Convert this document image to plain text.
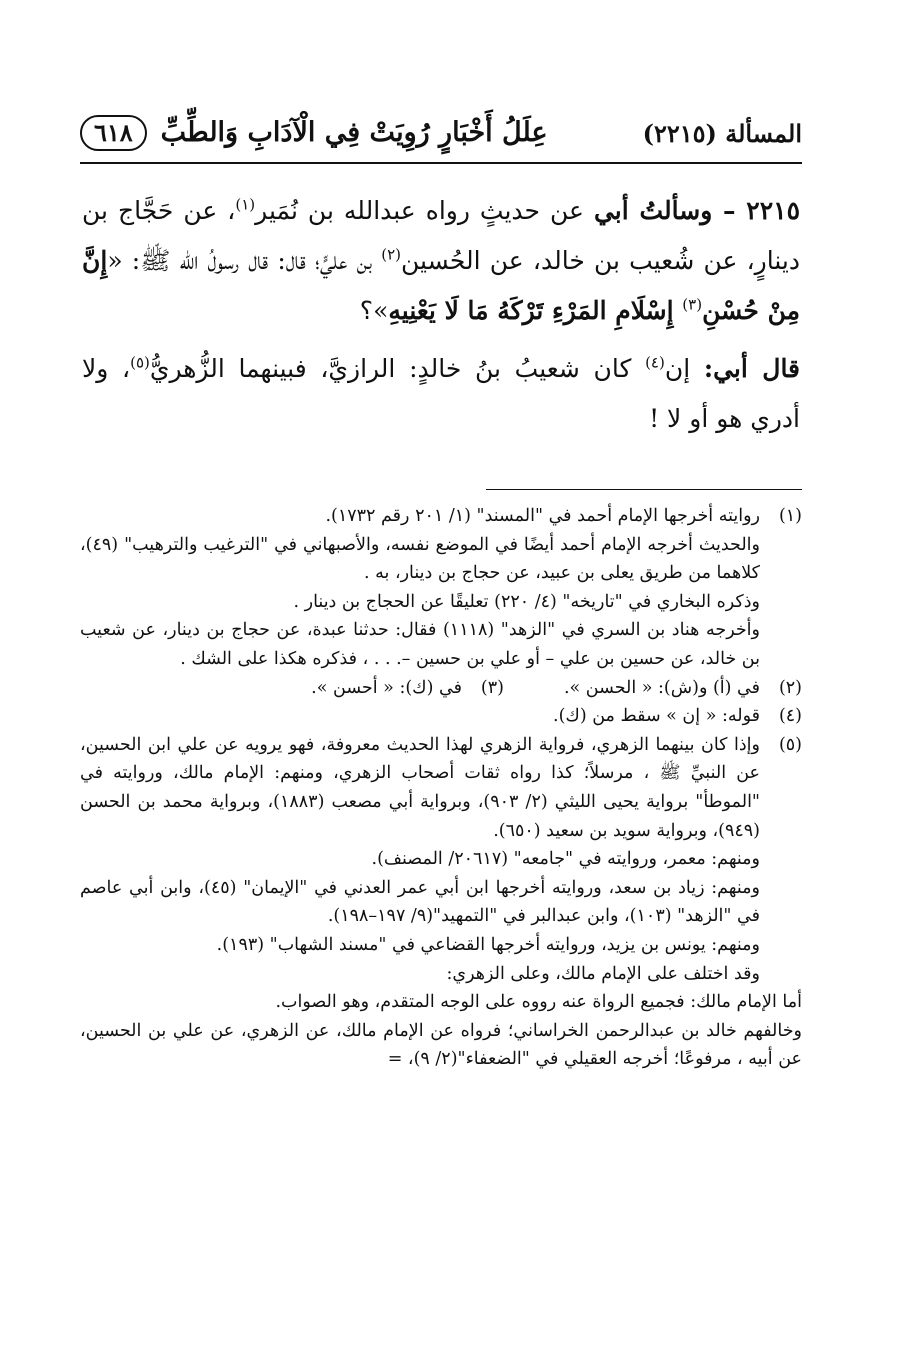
المسألة (٢٢١٥)
عِلَلُ أَخْبَارٍ رُوِيَتْ فِي الْآدَابِ وَالطِّبِّ
٦١٨

٢٢١٥ – وسألتُ أبي عن حديثٍ رواه عبدالله بن نُمَير$^{(١)}$، عن حَجَّاج بن دينارٍ، عن شُعيب بن خالد، عن الحُسين$^{(٢)}$ بن عليٍّ؛ قال: قال رسولُ الله ﷺ: «إِنَّ مِنْ حُسْنِ$^{(٣)}$ إِسْلَامِ المَرْءِ تَرْكَهُ مَا لَا يَعْنِيهِ»؟

قال أبي: إن$^{(٤)}$ كان شعيبُ بنُ خالدٍ: الرازيَّ، فبينهما الزُّهريُّ$^{(٥)}$، ولا أدري هو أو لا !

(١)
روايته أخرجها الإمام أحمد في "المسند" (١/ ٢٠١ رقم ١٧٣٢).
والحديث أخرجه الإمام أحمد أيضًا في الموضع نفسه، والأصبهاني في "الترغيب والترهيب" (٤٩)، كلاهما من طريق يعلى بن عبيد، عن حجاج بن دينار، به .
وذكره البخاري في "تاريخه" (٤/ ٢٢٠) تعليقًا عن الحجاج بن دينار .
وأخرجه هناد بن السري في "الزهد" (١١١٨) فقال: حدثنا عبدة، عن حجاج بن دينار، عن شعيب بن خالد، عن حسين بن علي – أو علي بن حسين –. . . ، فذكره هكذا على الشك .
(٢)
في (أ) و(ش): « الحسن ».
(٣)
في (ك): « أحسن ».
(٤)
قوله: « إن » سقط من (ك).
(٥)
وإذا كان بينهما الزهري، فرواية الزهري لهذا الحديث معروفة، فهو يرويه عن علي ابن الحسين، عن النبيِّ ﷺ ، مرسلاً؛ كذا رواه ثقات أصحاب الزهري، ومنهم: الإمام مالك، وروايته في "الموطأ" برواية يحيى الليثي (٢/ ٩٠٣)، وبرواية أبي مصعب (١٨٨٣)، وبرواية محمد بن الحسن (٩٤٩)، وبرواية سويد بن سعيد (٦٥٠).
ومنهم: معمر، وروايته في "جامعه" (٢٠٦١٧/ المصنف).
ومنهم: زياد بن سعد، وروايته أخرجها ابن أبي عمر العدني في "الإيمان" (٤٥)، وابن أبي عاصم في "الزهد" (١٠٣)، وابن عبدالبر في "التمهيد"(٩/ ١٩٧–١٩٨).
ومنهم: يونس بن يزيد، وروايته أخرجها القضاعي في "مسند الشهاب" (١٩٣).
وقد اختلف على الإمام مالك، وعلى الزهري:
أما الإمام مالك: فجميع الرواة عنه رووه على الوجه المتقدم، وهو الصواب.
وخالفهم خالد بن عبدالرحمن الخراساني؛ فرواه عن الإمام مالك، عن الزهري، عن علي بن الحسين، عن أبيه ، مرفوعًا؛ أخرجه العقيلي في "الضعفاء"(٢/ ٩)، =
